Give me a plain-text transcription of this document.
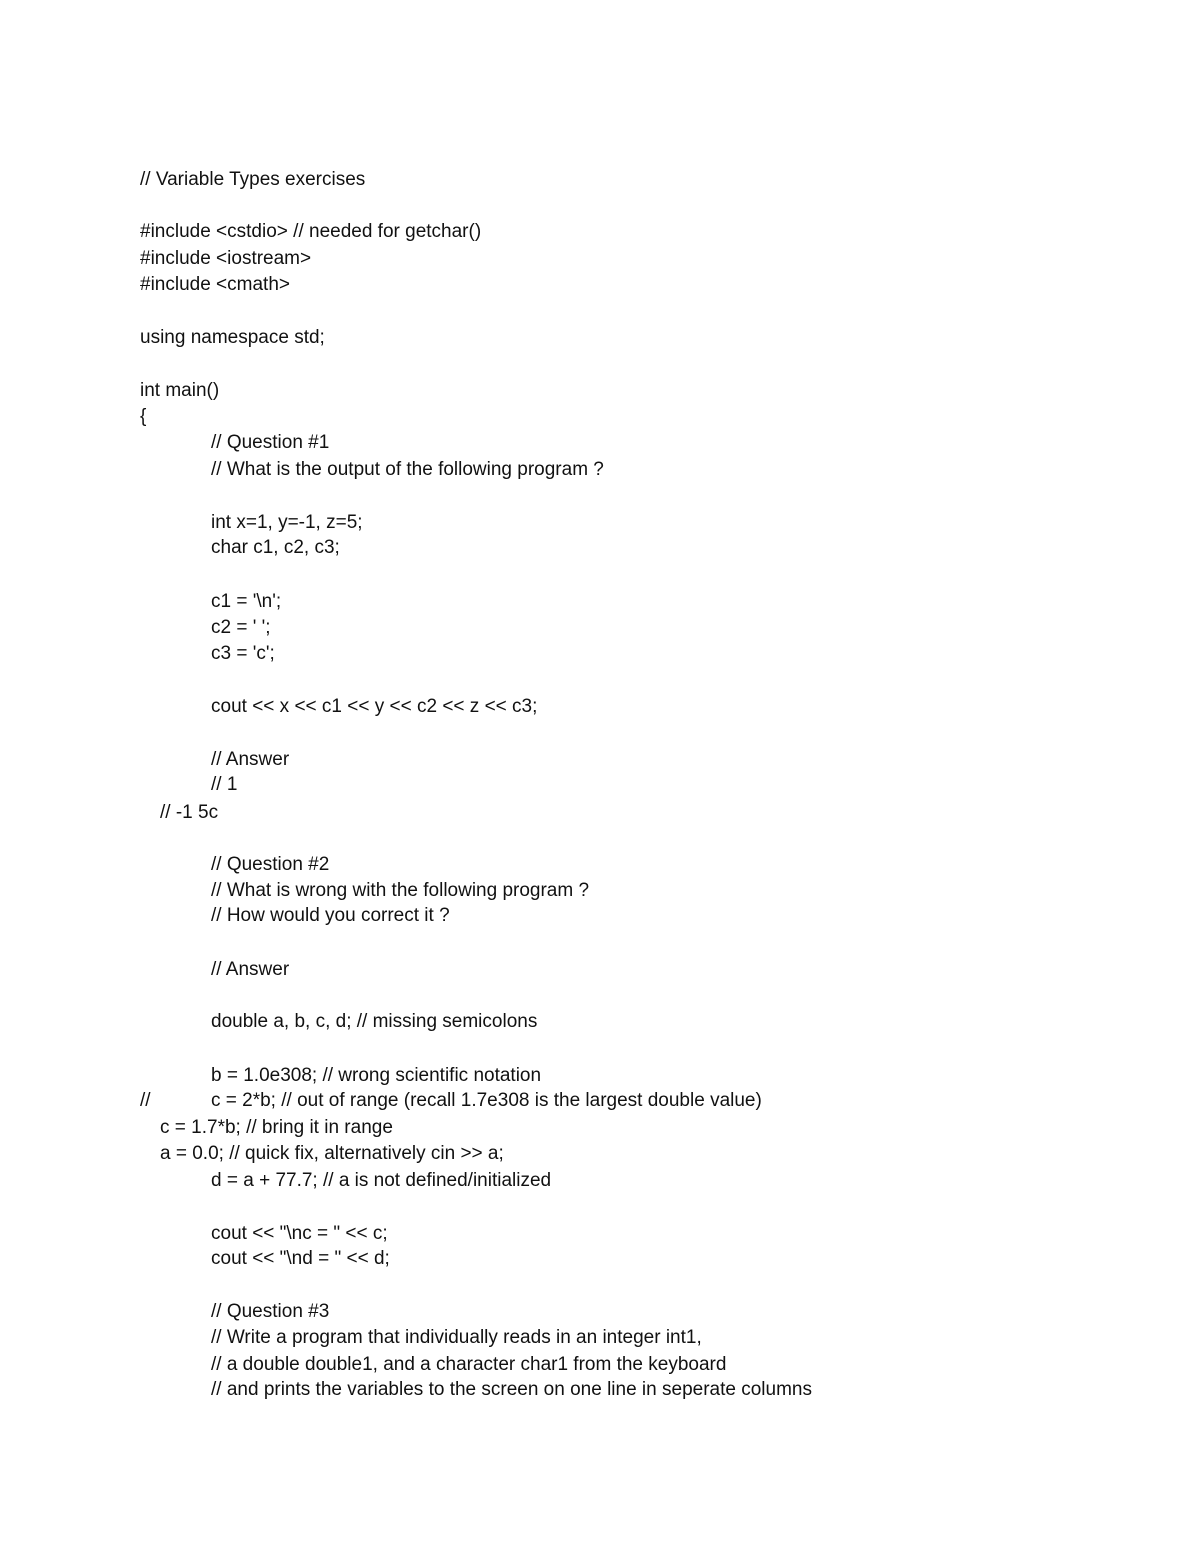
// Variable Types exercises
#include <cstdio> // needed for getchar()
#include <iostream>
#include <cmath>
using namespace std;
int main()
{
// Question #1
// What is the output of the following program ?
int x=1, y=-1, z=5;
char c1, c2, c3;
c1 = '\n';
c2 = ' ';
c3 = 'c';
cout << x << c1 << y << c2 << z << c3;
// Answer
// 1
// -1 5c
// Question #2
// What is wrong with the following program ?
// How would you correct it ?
// Answer
double a, b, c, d; // missing semicolons
b = 1.0e308; // wrong scientific notation
//	c = 2*b; // out of range (recall 1.7e308 is the largest double value)
c = 1.7*b; // bring it in range
a = 0.0; // quick fix, alternatively cin >> a;
d = a + 77.7; // a is not defined/initialized
cout << "\nc = " << c;
cout << "\nd = " << d;
// Question #3
// Write a program that individually reads in an integer int1,
// a double double1, and a character char1 from the keyboard
// and prints the variables to the screen on one line in seperate columns
